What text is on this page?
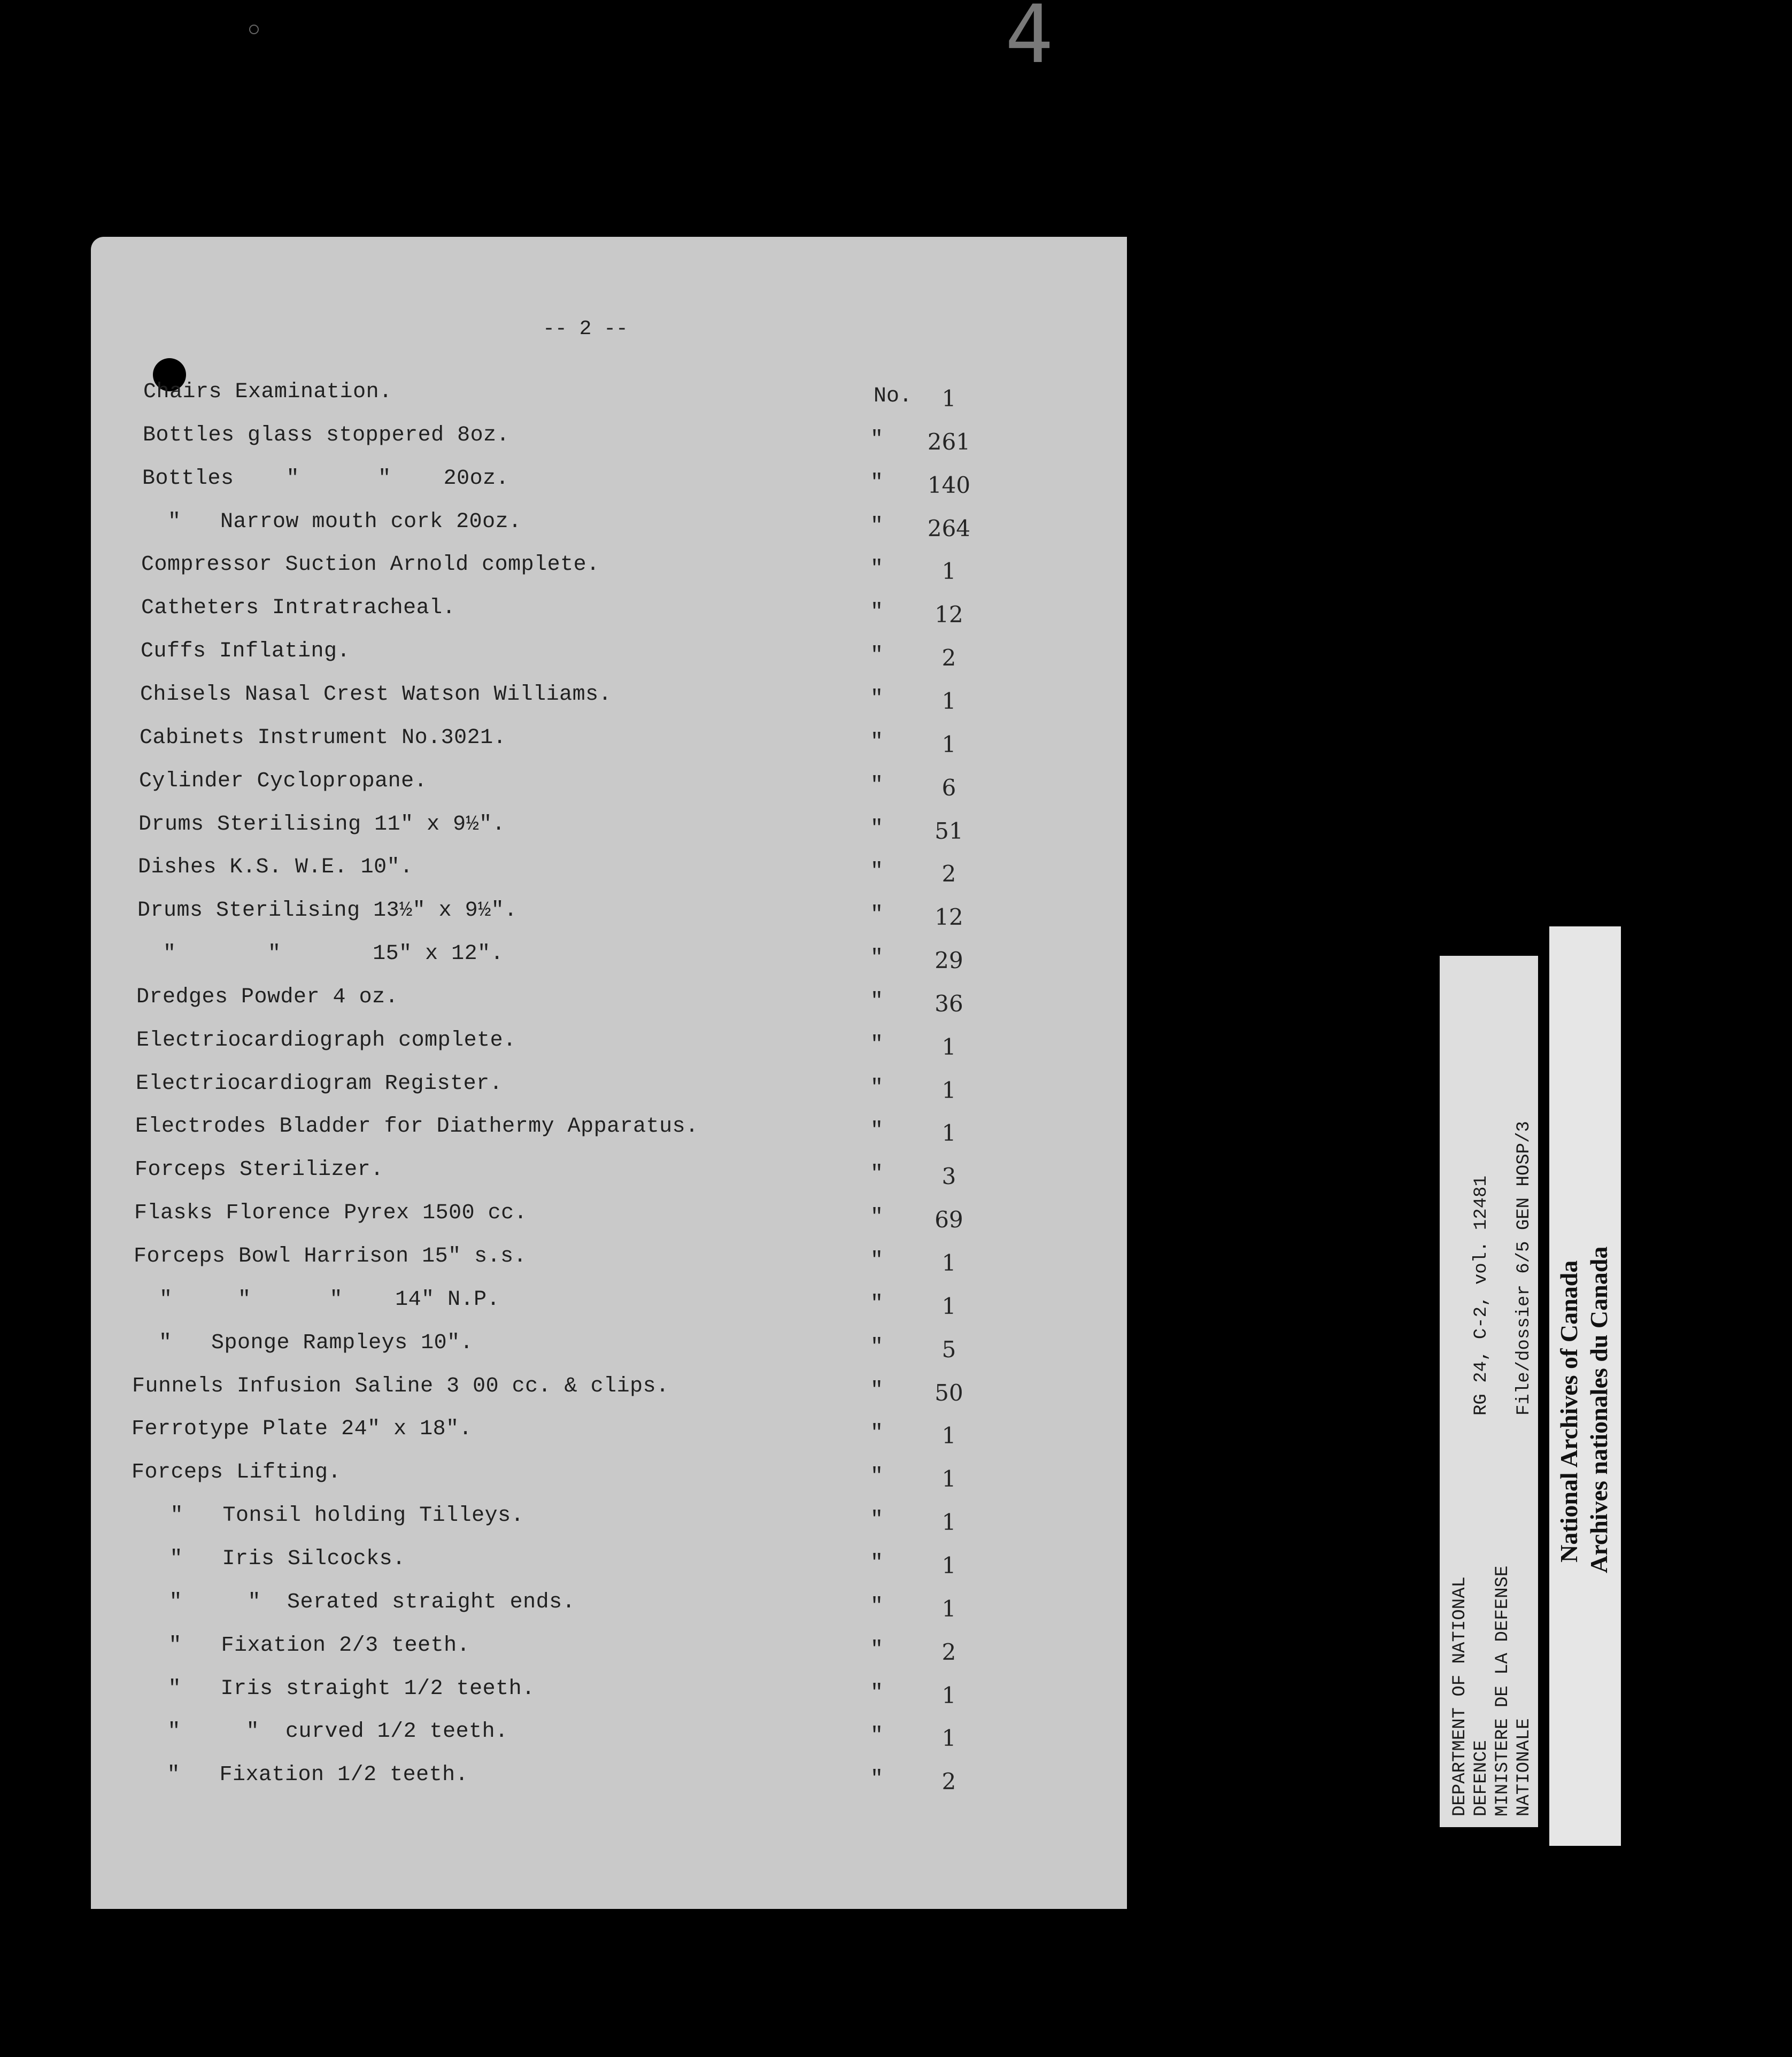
4
-- 2 --
Chairs Examination.	No.	1
Bottles glass stoppered 8oz.	"	261
Bottles    "      "    20oz.	"	140
"   Narrow mouth cork 20oz.	"	264
Compressor Suction Arnold complete.	"	1
Catheters Intratracheal.	"	12
Cuffs Inflating.	"	2
Chisels Nasal Crest Watson Williams.	"	1
Cabinets Instrument No.3021.	"	1
Cylinder Cyclopropane.	"	6
Drums Sterilising 11" x 9½".	"	51
Dishes K.S. W.E. 10".	"	2
Drums Sterilising 13½" x 9½".	"	12
"       "       15" x 12".	"	29
Dredges Powder 4 oz.	"	36
Electriocardiograph complete.	"	1
Electriocardiogram Register.	"	1
Electrodes Bladder for Diathermy Apparatus.	"	1
Forceps Sterilizer.	"	3
Flasks Florence Pyrex 1500 cc.	"	69
Forceps Bowl Harrison 15" s.s.	"	1
"     "      "    14" N.P.	"	1
"   Sponge Rampleys 10".	"	5
Funnels Infusion Saline 3 00 cc. & clips.	"	50
Ferrotype Plate 24" x 18".	"	1
Forceps Lifting.	"	1
"   Tonsil holding Tilleys.	"	1
"   Iris Silcocks.	"	1
"     "  Serated straight ends.	"	1
"   Fixation 2/3 teeth.	"	2
"   Iris straight 1/2 teeth.	"	1
"     "  curved 1/2 teeth.	"	1
"   Fixation 1/2 teeth.	"	2	DEPARTMENT OF NATIONAL DEFENCE MINISTERE DE LA DEFENSE NATIONALE
RG 24, C-2, vol. 12481 File/dossier 6/5 GEN HOSP/3 National Archives of Canada Archives nationales du Canada
